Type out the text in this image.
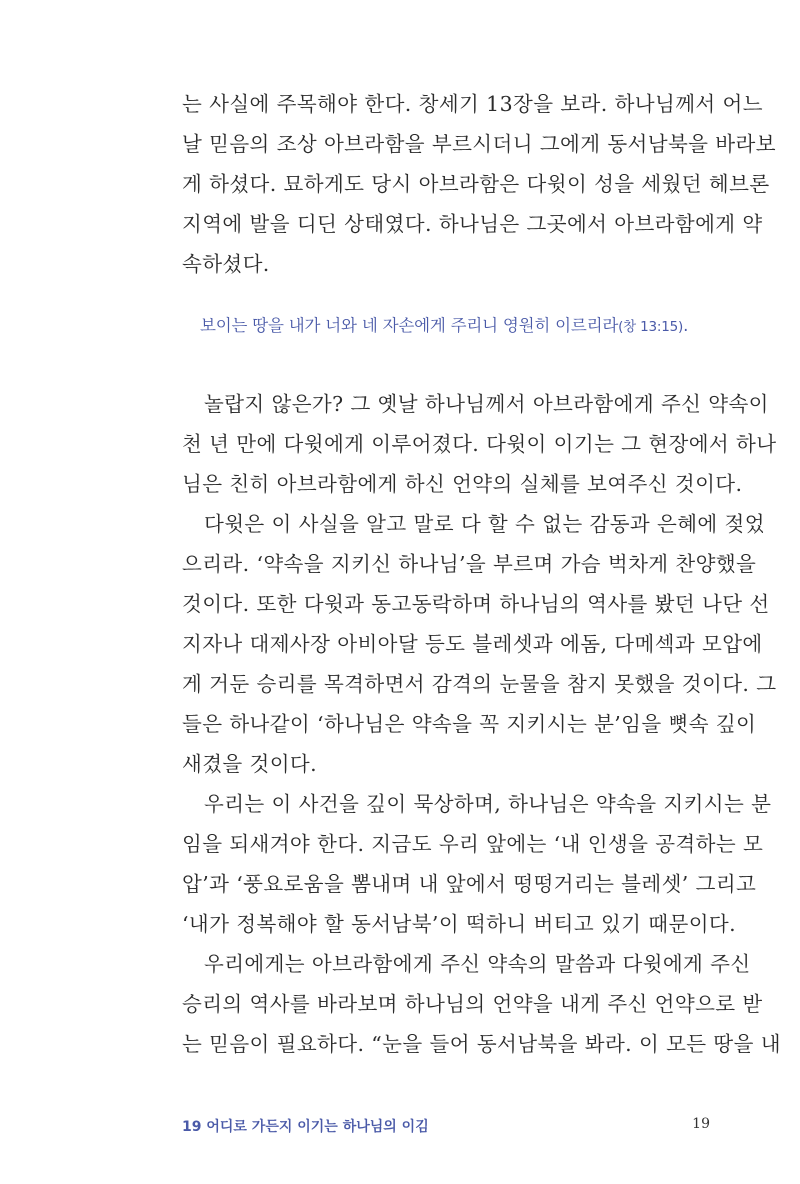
는 사실에 주목해야 한다. 창세기 13장을 보라. 하나님께서 어느
날 믿음의 조상 아브라함을 부르시더니 그에게 동서남북을 바라보
게 하셨다. 묘하게도 당시 아브라함은 다윗이 성을 세웠던 헤브론
지역에 발을 디딘 상태였다. 하나님은 그곳에서 아브라함에게 약
속하셨다.
보이는 땅을 내가 너와 네 자손에게 주리니 영원히 이르리라(창 13:15).
놀랍지 않은가? 그 옛날 하나님께서 아브라함에게 주신 약속이
천 년 만에 다윗에게 이루어졌다. 다윗이 이기는 그 현장에서 하나
님은 친히 아브라함에게 하신 언약의 실체를 보여주신 것이다.
다윗은 이 사실을 알고 말로 다 할 수 없는 감동과 은혜에 젖었
으리라. ‘약속을 지키신 하나님’을 부르며 가슴 벅차게 찬양했을
것이다. 또한 다윗과 동고동락하며 하나님의 역사를 봤던 나단 선
지자나 대제사장 아비아달 등도 블레셋과 에돔, 다메섹과 모압에
게 거둔 승리를 목격하면서 감격의 눈물을 참지 못했을 것이다. 그
들은 하나같이 ‘하나님은 약속을 꼭 지키시는 분’임을 뼛속 깊이
새겼을 것이다.
우리는 이 사건을 깊이 묵상하며, 하나님은 약속을 지키시는 분
임을 되새겨야 한다. 지금도 우리 앞에는 ‘내 인생을 공격하는 모
압’과 ‘풍요로움을 뽐내며 내 앞에서 떵떵거리는 블레셋’ 그리고
‘내가 정복해야 할 동서남북’이 떡하니 버티고 있기 때문이다.
우리에게는 아브라함에게 주신 약속의 말씀과 다윗에게 주신
승리의 역사를 바라보며 하나님의 언약을 내게 주신 언약으로 받
는 믿음이 필요하다. “눈을 들어 동서남북을 봐라. 이 모든 땅을 내
19 어디로 가든지 이기는 하나님의 이김	19
